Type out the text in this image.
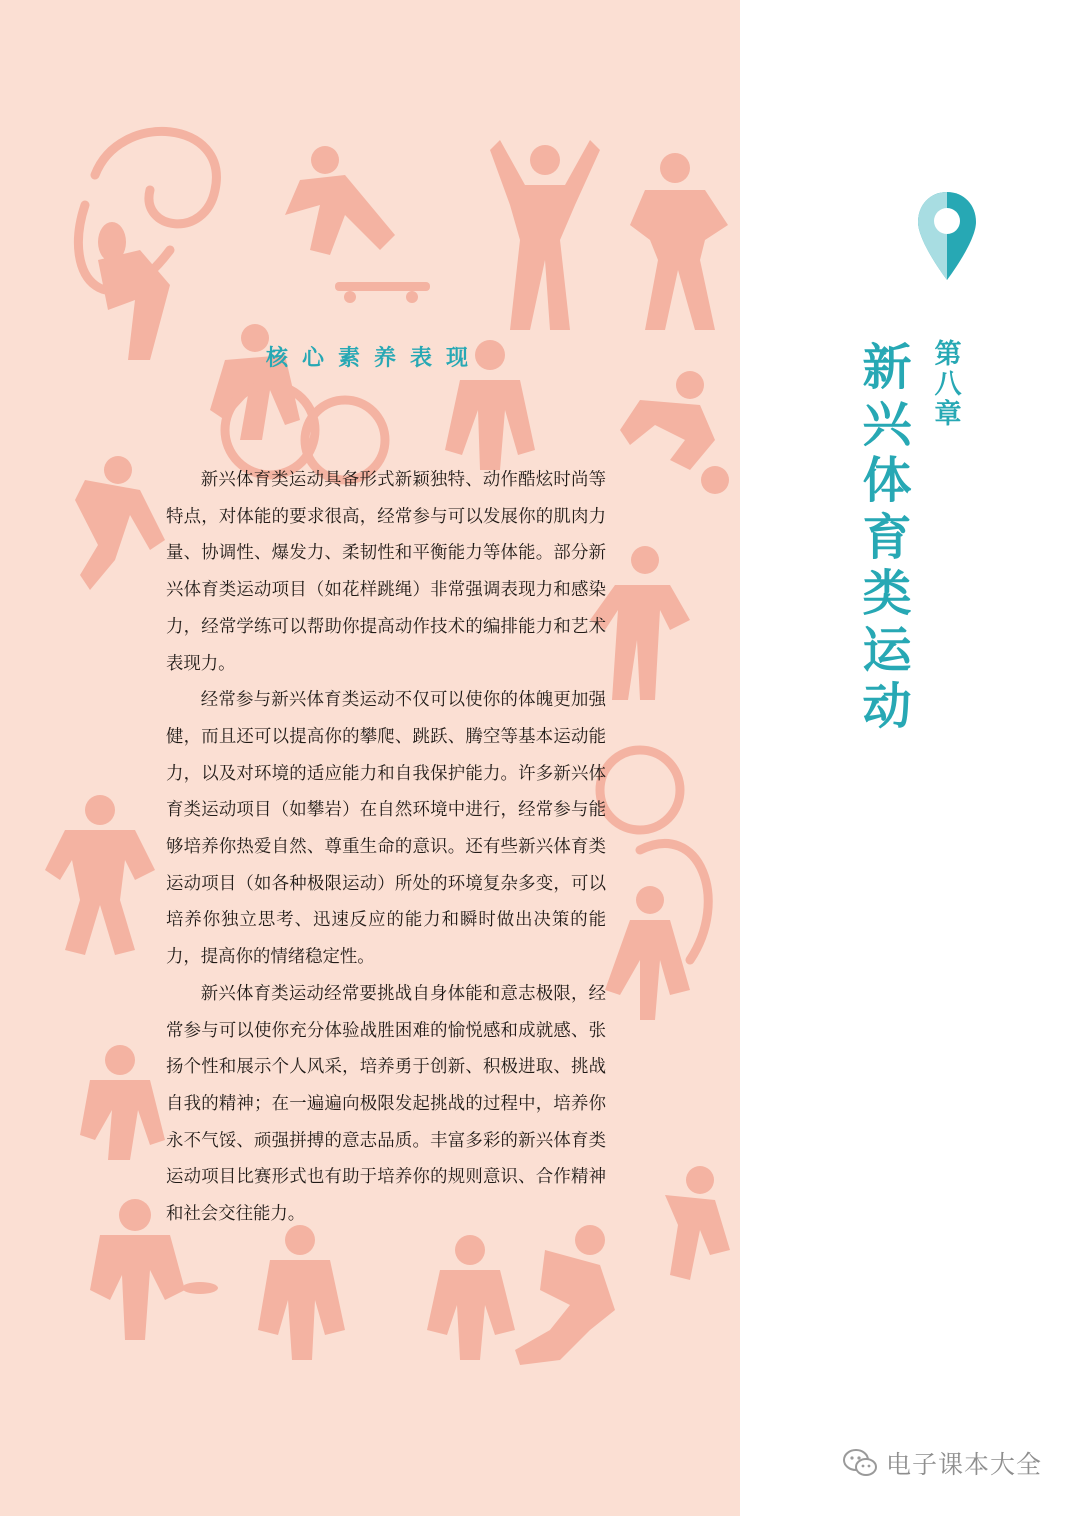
核心素养表现

新兴体育类运动具备形式新颖独特、动作酷炫时尚等特点，对体能的要求很高，经常参与可以发展你的肌肉力量、协调性、爆发力、柔韧性和平衡能力等体能。部分新兴体育类运动项目（如花样跳绳）非常强调表现力和感染力，经常学练可以帮助你提高动作技术的编排能力和艺术表现力。

经常参与新兴体育类运动不仅可以使你的体魄更加强健，而且还可以提高你的攀爬、跳跃、腾空等基本运动能力，以及对环境的适应能力和自我保护能力。许多新兴体育类运动项目（如攀岩）在自然环境中进行，经常参与能够培养你热爱自然、尊重生命的意识。还有些新兴体育类运动项目（如各种极限运动）所处的环境复杂多变，可以培养你独立思考、迅速反应的能力和瞬时做出决策的能力，提高你的情绪稳定性。

新兴体育类运动经常要挑战自身体能和意志极限，经常参与可以使你充分体验战胜困难的愉悦感和成就感、张扬个性和展示个人风采，培养勇于创新、积极进取、挑战自我的精神；在一遍遍向极限发起挑战的过程中，培养你永不气馁、顽强拼搏的意志品质。丰富多彩的新兴体育类运动项目比赛形式也有助于培养你的规则意识、合作精神和社会交往能力。

第
八
章
新
兴
体
育
类
运
动
电子课本大全
